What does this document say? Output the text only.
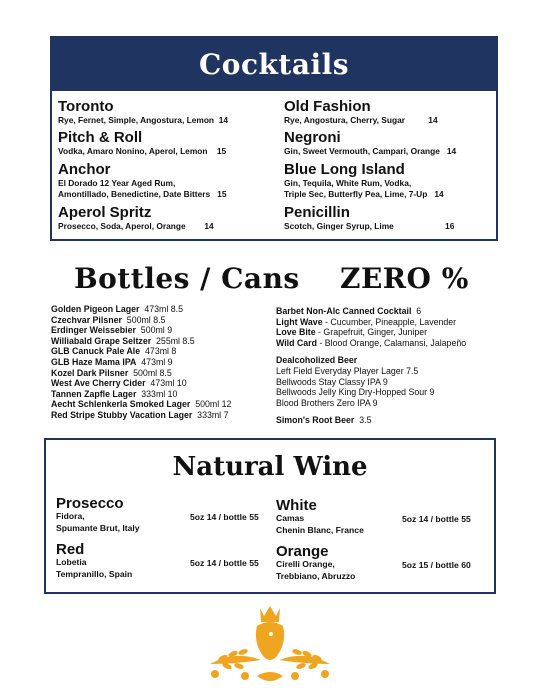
Cocktails
Toronto
Rye, Fernet, Simple, Angostura, Lemon 14
Pitch & Roll
Vodka, Amaro Nonino, Aperol, Lemon 15
Anchor
El Dorado 12 Year Aged Rum,
Amontillado, Benedictine, Date Bitters 15
Aperol Spritz
Prosecco, Soda, Aperol, Orange 14
Old Fashion
Rye, Angostura, Cherry, Sugar	14
Negroni
Gin, Sweet Vermouth, Campari, Orange 14
Blue Long Island
Gin, Tequila, White Rum, Vodka,
Triple Sec, Butterfly Pea, Lime, 7-Up 14
Penicillin
Scotch, Ginger Syrup, Lime	16
Bottles / Cans
Golden Pigeon Lager 473ml 8.5
Czechvar Pilsner 500ml 8.5
Erdinger Weissebier 500ml 9
Williabald Grape Seltzer 255ml 8.5
GLB Canuck Pale Ale 473ml 8
GLB Haze Mama IPA 473ml 9
Kozel Dark Pilsner 500ml 8.5
West Ave Cherry Cider 473ml 10
Tannen Zapfle Lager 333ml 10
Aecht Schlenkerla Smoked Lager 500ml 12
Red Stripe Stubby Vacation Lager 333ml 7
ZERO %
Barbet Non-Alc Canned Cocktail 6
Light Wave - Cucumber, Pineapple, Lavender
Love Bite - Grapefruit, Ginger, Juniper
Wild Card - Blood Orange, Calamansi, Jalapeño
Dealcoholized Beer
Left Field Everyday Player Lager 7.5
Bellwoods Stay Classy IPA 9
Bellwoods Jelly King Dry-Hopped Sour 9
Blood Brothers Zero IPA 9
Simon's Root Beer 3.5
Natural Wine
Prosecco
Fidora,
Spumante Brut, Italy
5oz 14 / bottle 55
Red
Lobetia
Tempranillo, Spain
5oz 14 / bottle 55
White
Camas
Chenin Blanc, France
5oz 14 / bottle 55
Orange
Cirelli Orange,
Trebbiano, Abruzzo
5oz 15 / bottle 60
